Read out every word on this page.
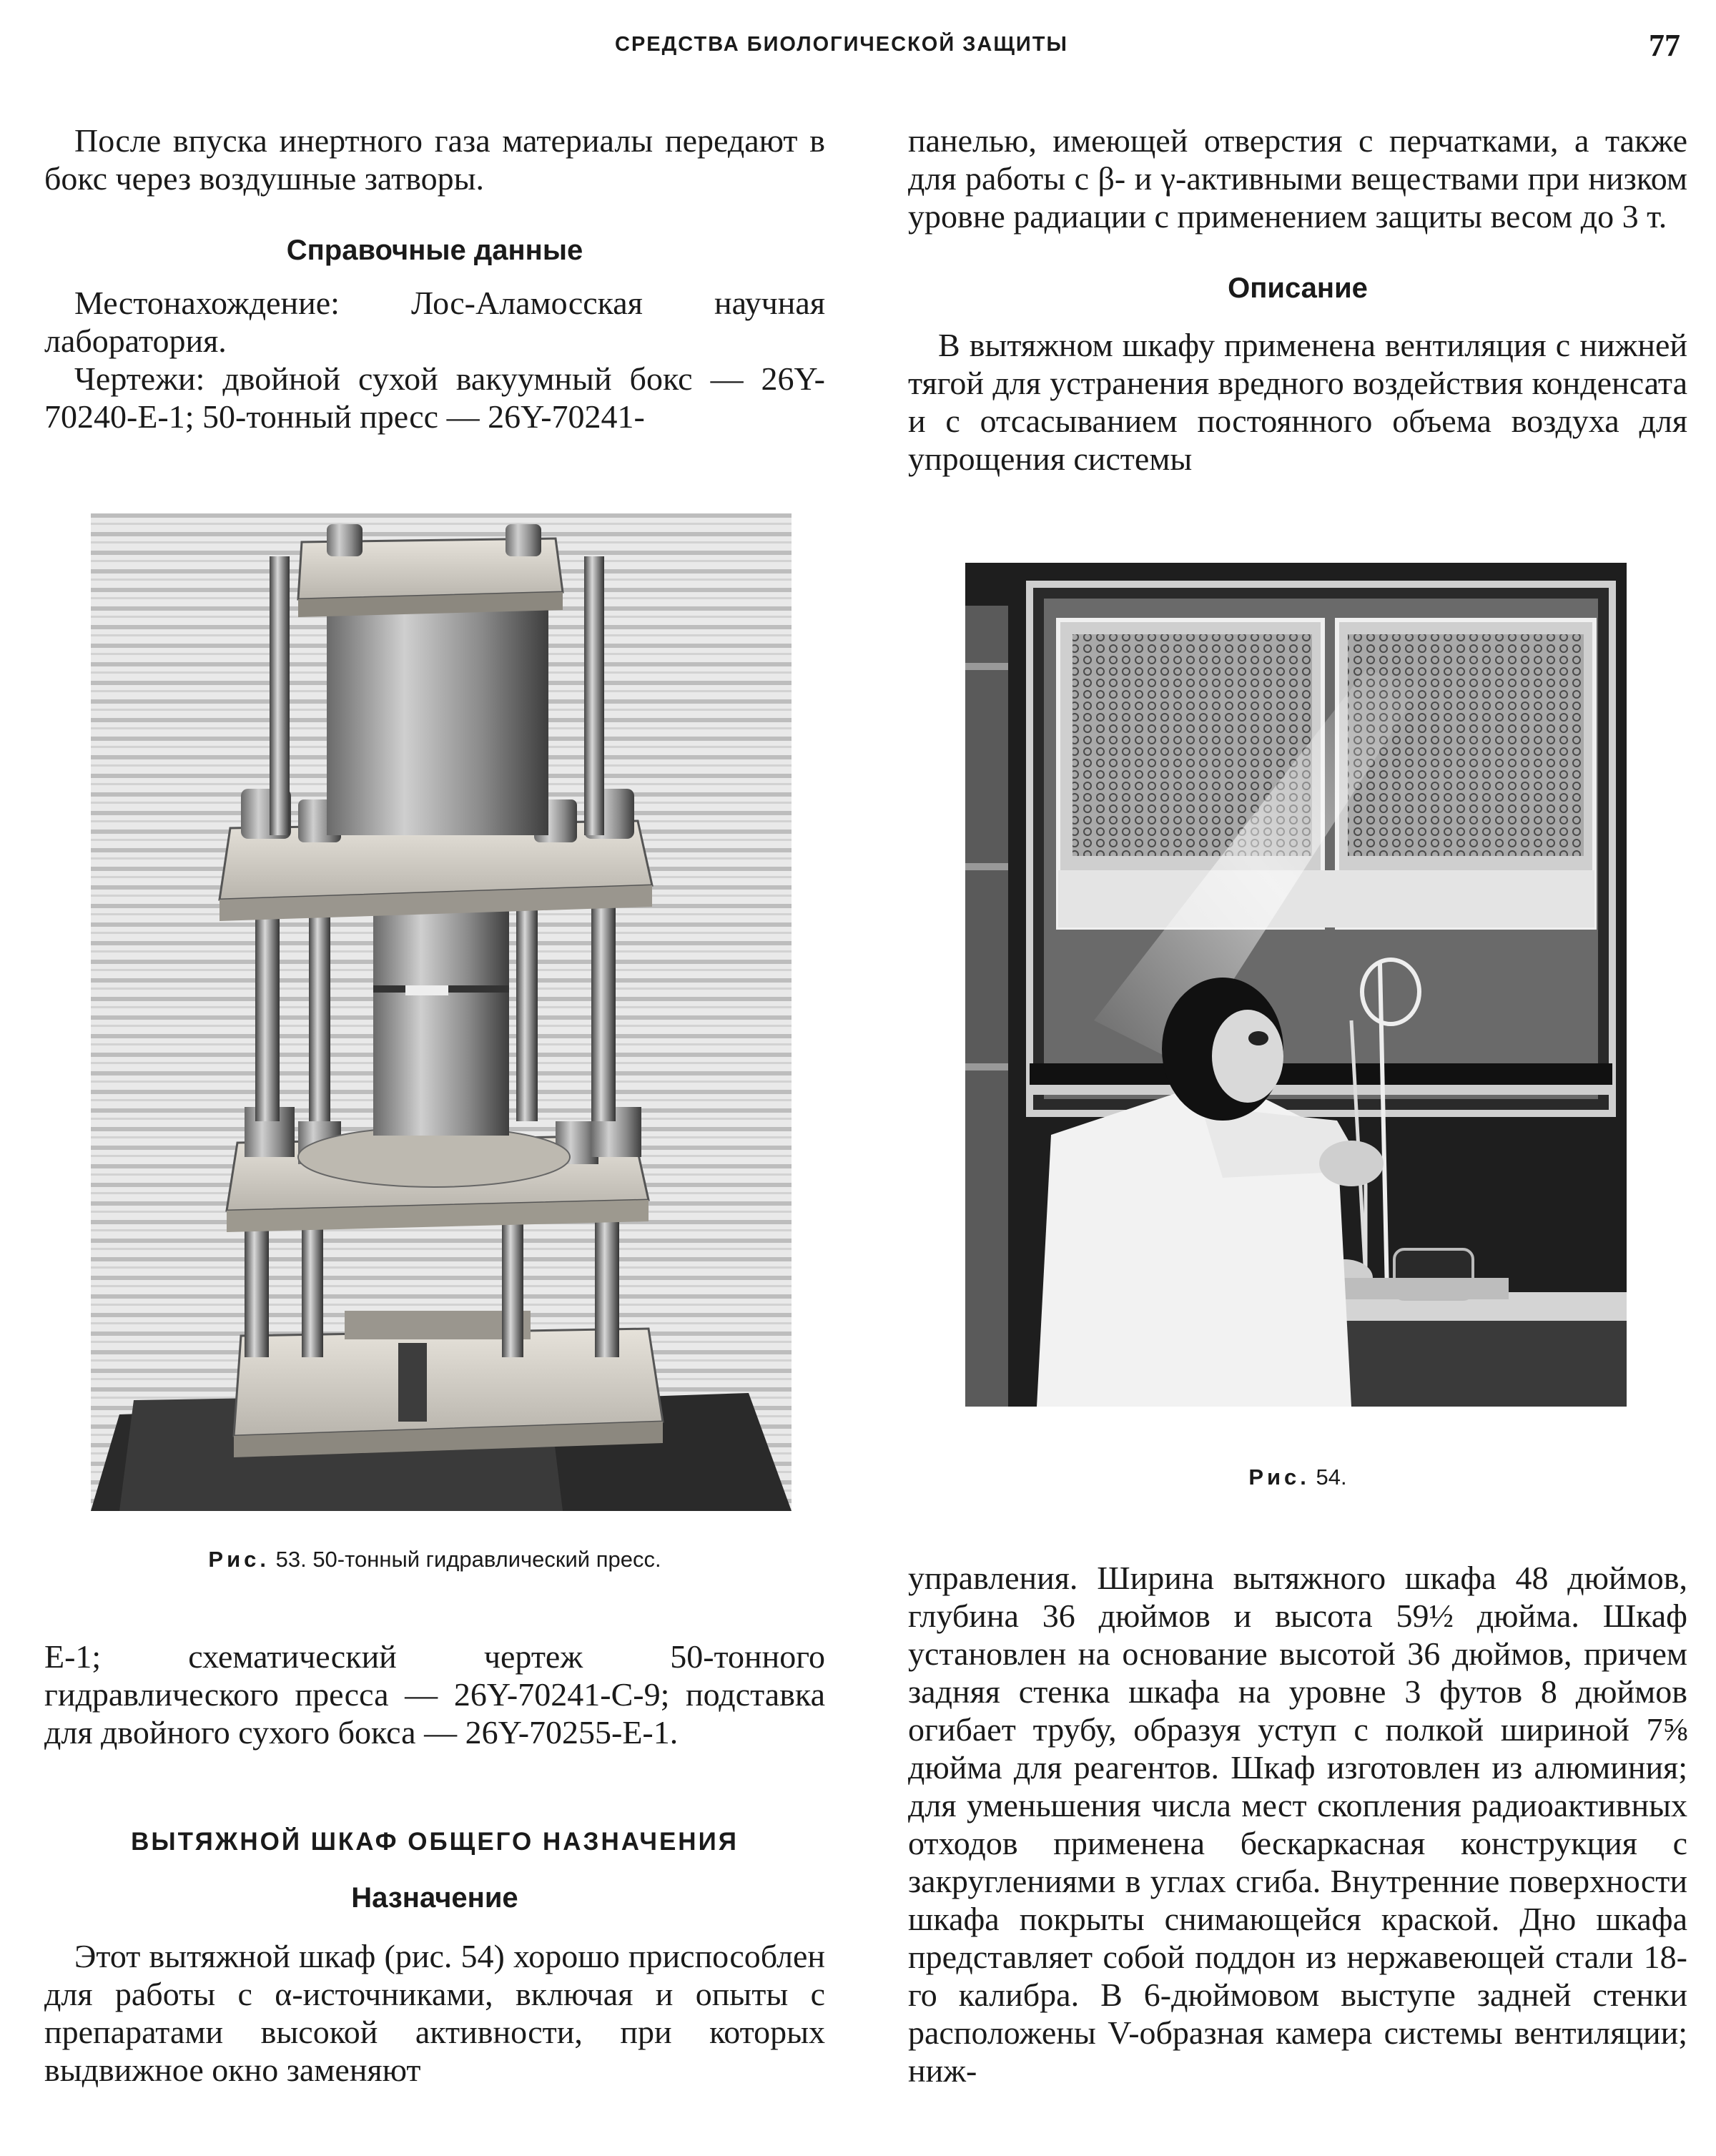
СРЕДСТВА БИОЛОГИЧЕСКОЙ ЗАЩИТЫ	77

После впуска инертного газа материалы передают в бокс через воздушные затворы.

Справочные данные

Местонахождение: Лос-Аламосская научная лаборатория.

Чертежи: двойной сухой вакуумный бокс — 26Y-70240-E-1; 50-тонный пресс — 26Y-70241-

Рис. 53. 50-тонный гидравлический пресс.

E-1; схематический чертеж 50-тонного гидравлического пресса — 26Y-70241-C-9; подставка для двойного сухого бокса — 26Y-70255-E-1.

ВЫТЯЖНОЙ ШКАФ ОБЩЕГО НАЗНАЧЕНИЯ
Назначение

Этот вытяжной шкаф (рис. 54) хорошо приспособлен для работы с α-источниками, включая и опыты с препаратами высокой активности, при которых выдвижное окно заменяют

панелью, имеющей отверстия с перчатками, а также для работы с β- и γ-активными веществами при низком уровне радиации с применением защиты весом до 3 т.

Описание

В вытяжном шкафу применена вентиляция с нижней тягой для устранения вредного воздействия конденсата и с отсасыванием постоянного объема воздуха для упрощения системы

Рис. 54.

управления. Ширина вытяжного шкафа 48 дюймов, глубина 36 дюймов и высота 59½ дюйма. Шкаф установлен на основание высотой 36 дюймов, причем задняя стенка шкафа на уровне 3 футов 8 дюймов огибает трубу, образуя уступ с полкой шириной 7⅝ дюйма для реагентов. Шкаф изготовлен из алюминия; для уменьшения числа мест скопления радиоактивных отходов применена бескаркасная конструкция с закруглениями в углах сгиба. Внутренние поверхности шкафа покрыты снимающейся краской. Дно шкафа представляет собой поддон из нержавеющей стали 18-го калибра. В 6-дюймовом выступе задней стенки расположены V-образная камера системы вентиляции; ниж-
